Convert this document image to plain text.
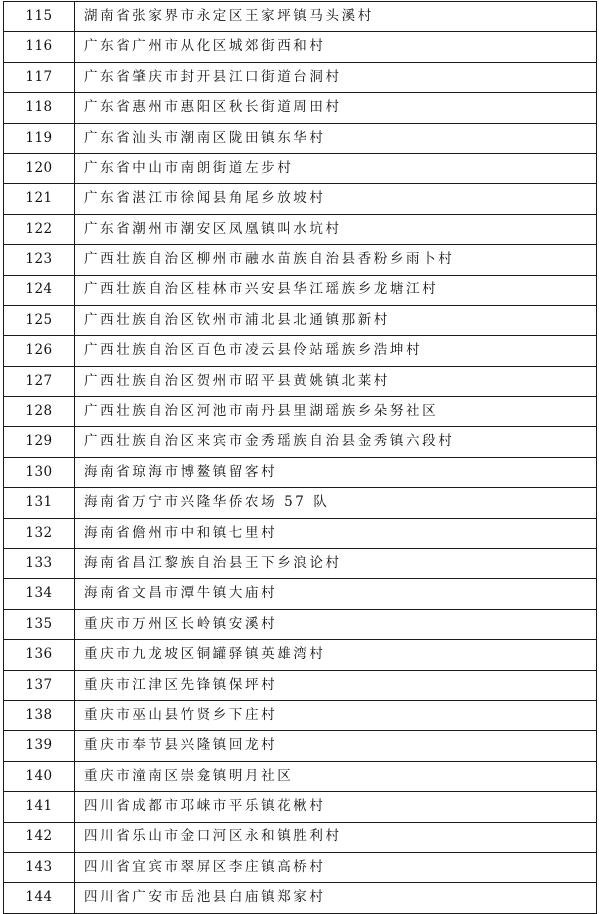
115	湖南省张家界市永定区王家坪镇马头溪村
116	广东省广州市从化区城郊街西和村
117	广东省肇庆市封开县江口街道台洞村
118	广东省惠州市惠阳区秋长街道周田村
119	广东省汕头市潮南区陇田镇东华村
120	广东省中山市南朗街道左步村
121	广东省湛江市徐闻县角尾乡放坡村
122	广东省潮州市潮安区凤凰镇叫水坑村
123	广西壮族自治区柳州市融水苗族自治县香粉乡雨卜村
124	广西壮族自治区桂林市兴安县华江瑶族乡龙塘江村
125	广西壮族自治区钦州市浦北县北通镇那新村
126	广西壮族自治区百色市凌云县伶站瑶族乡浩坤村
127	广西壮族自治区贺州市昭平县黄姚镇北莱村
128	广西壮族自治区河池市南丹县里湖瑶族乡朵努社区
129	广西壮族自治区来宾市金秀瑶族自治县金秀镇六段村
130	海南省琼海市博鳌镇留客村
131	海南省万宁市兴隆华侨农场 57 队
132	海南省儋州市中和镇七里村
133	海南省昌江黎族自治县王下乡浪论村
134	海南省文昌市潭牛镇大庙村
135	重庆市万州区长岭镇安溪村
136	重庆市九龙坡区铜罐驿镇英雄湾村
137	重庆市江津区先锋镇保坪村
138	重庆市巫山县竹贤乡下庄村
139	重庆市奉节县兴隆镇回龙村
140	重庆市潼南区崇龛镇明月社区
141	四川省成都市邛崃市平乐镇花楸村
142	四川省乐山市金口河区永和镇胜利村
143	四川省宜宾市翠屏区李庄镇高桥村
144	四川省广安市岳池县白庙镇郑家村
